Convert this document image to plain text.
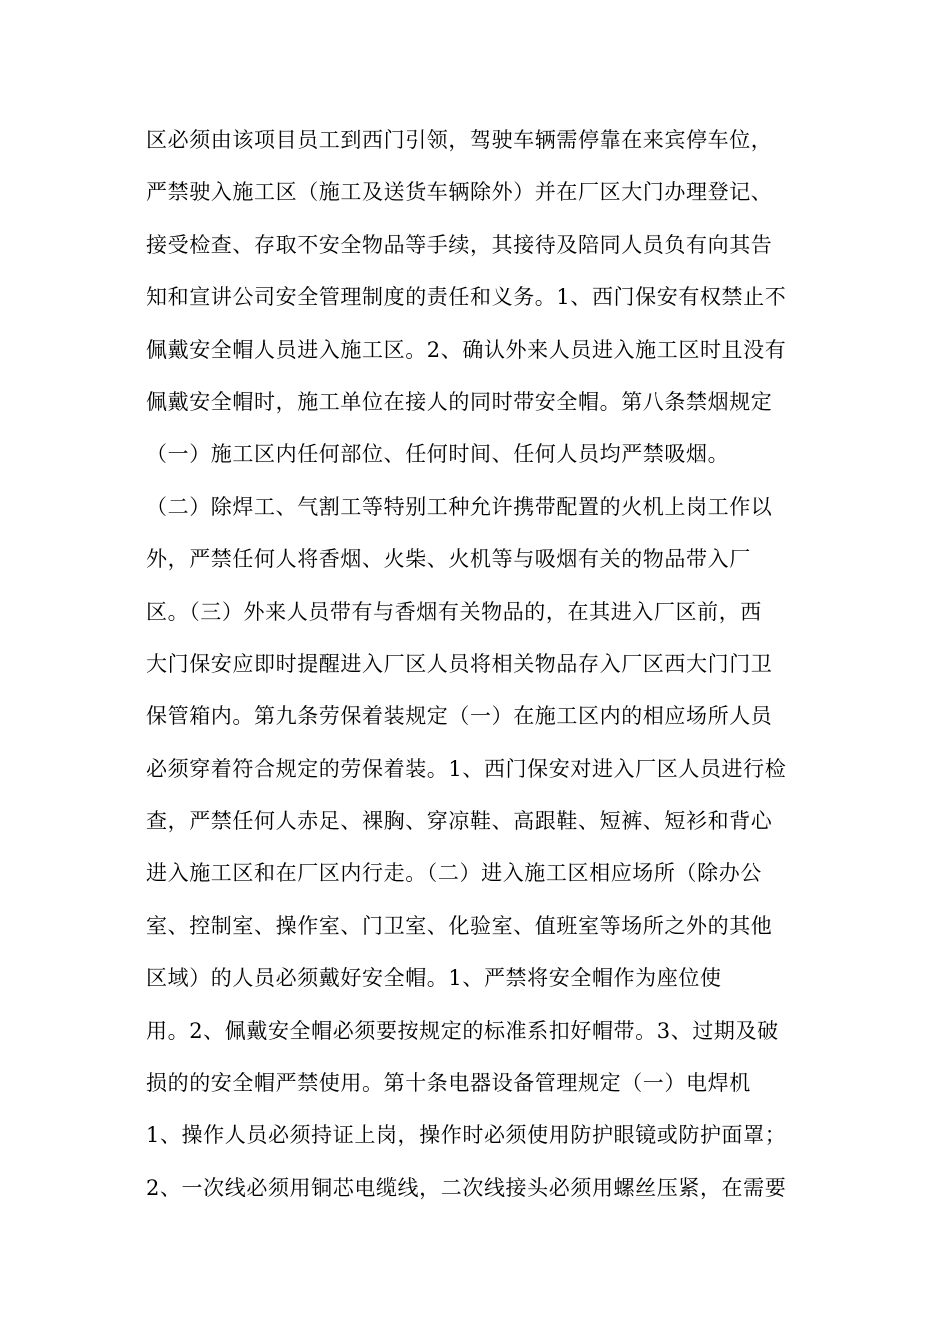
区必须由该项目员工到西门引领，驾驶车辆需停靠在来宾停车位，
严禁驶入施工区（施工及送货车辆除外）并在厂区大门办理登记、
接受检查、存取不安全物品等手续，其接待及陪同人员负有向其告
知和宣讲公司安全管理制度的责任和义务。1、西门保安有权禁止不
佩戴安全帽人员进入施工区。2、确认外来人员进入施工区时且没有
佩戴安全帽时，施工单位在接人的同时带安全帽。第八条禁烟规定
（一）施工区内任何部位、任何时间、任何人员均严禁吸烟。
（二）除焊工、气割工等特别工种允许携带配置的火机上岗工作以
外，严禁任何人将香烟、火柴、火机等与吸烟有关的物品带入厂
区。（三）外来人员带有与香烟有关物品的，在其进入厂区前，西
大门保安应即时提醒进入厂区人员将相关物品存入厂区西大门门卫
保管箱内。第九条劳保着装规定（一）在施工区内的相应场所人员
必须穿着符合规定的劳保着装。1、西门保安对进入厂区人员进行检
查，严禁任何人赤足、裸胸、穿凉鞋、高跟鞋、短裤、短衫和背心
进入施工区和在厂区内行走。（二）进入施工区相应场所（除办公
室、控制室、操作室、门卫室、化验室、值班室等场所之外的其他
区域）的人员必须戴好安全帽。1、严禁将安全帽作为座位使
用。2、佩戴安全帽必须要按规定的标准系扣好帽带。3、过期及破
损的的安全帽严禁使用。第十条电器设备管理规定（一）电焊机
1、操作人员必须持证上岗，操作时必须使用防护眼镜或防护面罩；
2、一次线必须用铜芯电缆线，二次线接头必须用螺丝压紧，在需要
